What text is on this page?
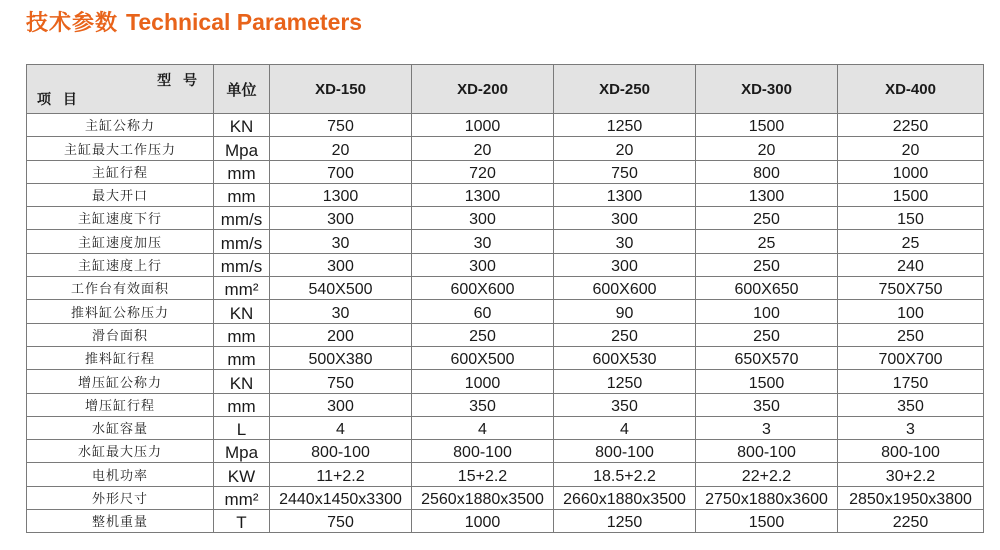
技术参数 Technical Parameters
型 号
项 目	单位	XD-150	XD-200	XD-250	XD-300	XD-400
主缸公称力	KN	750	1000	1250	1500	2250
主缸最大工作压力	Mpa	20	20	20	20	20
主缸行程	mm	700	720	750	800	1000
最大开口	mm	1300	1300	1300	1300	1500
主缸速度下行	mm/s	300	300	300	250	150
主缸速度加压	mm/s	30	30	30	25	25
主缸速度上行	mm/s	300	300	300	250	240
工作台有效面积	mm²	540X500	600X600	600X600	600X650	750X750
推料缸公称压力	KN	30	60	90	100	100
滑台面积	mm	200	250	250	250	250
推料缸行程	mm	500X380	600X500	600X530	650X570	700X700
增压缸公称力	KN	750	1000	1250	1500	1750
增压缸行程	mm	300	350	350	350	350
水缸容量	L	4	4	4	3	3
水缸最大压力	Mpa	800-100	800-100	800-100	800-100	800-100
电机功率	KW	11+2.2	15+2.2	18.5+2.2	22+2.2	30+2.2
外形尺寸	mm²	2440x1450x3300	2560x1880x3500	2660x1880x3500	2750x1880x3600	2850x1950x3800
整机重量	T	750	1000	1250	1500	2250
